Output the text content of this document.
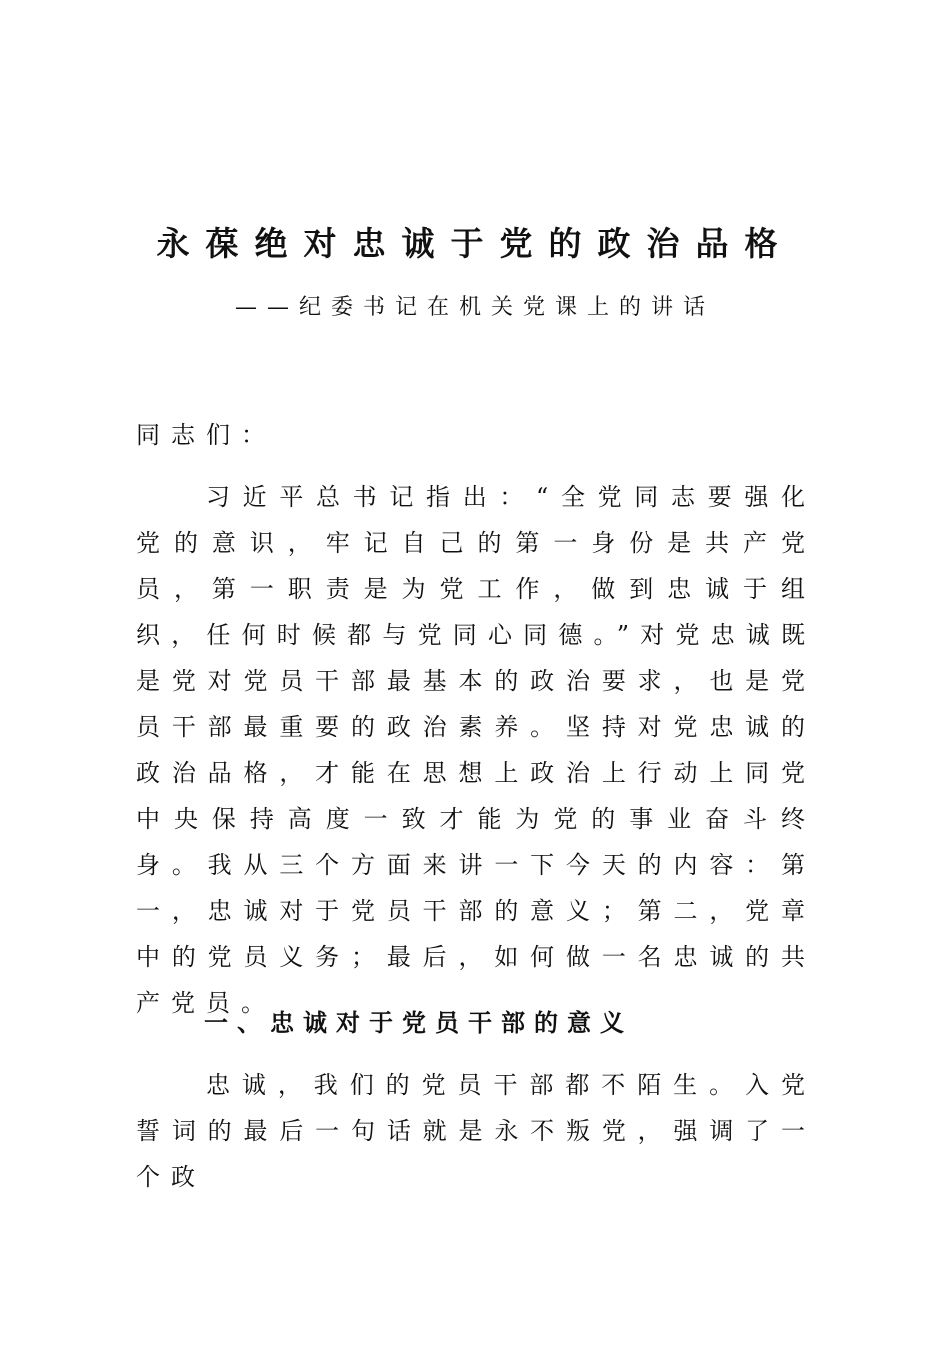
永葆绝对忠诚于党的政治品格
——纪委书记在机关党课上的讲话
同志们：
习近平总书记指出：“全党同志要强化党的意识，牢记自己的第一身份是共产党员，第一职责是为党工作，做到忠诚于组织，任何时候都与党同心同德。”对党忠诚既是党对党员干部最基本的政治要求，也是党员干部最重要的政治素养。坚持对党忠诚的政治品格，才能在思想上政治上行动上同党中央保持高度一致才能为党的事业奋斗终身。我从三个方面来讲一下今天的内容：第一，忠诚对于党员干部的意义；第二，党章中的党员义务；最后，如何做一名忠诚的共产党员。
一、忠诚对于党员干部的意义
忠诚，我们的党员干部都不陌生。入党誓词的最后一句话就是永不叛党，强调了一个政
